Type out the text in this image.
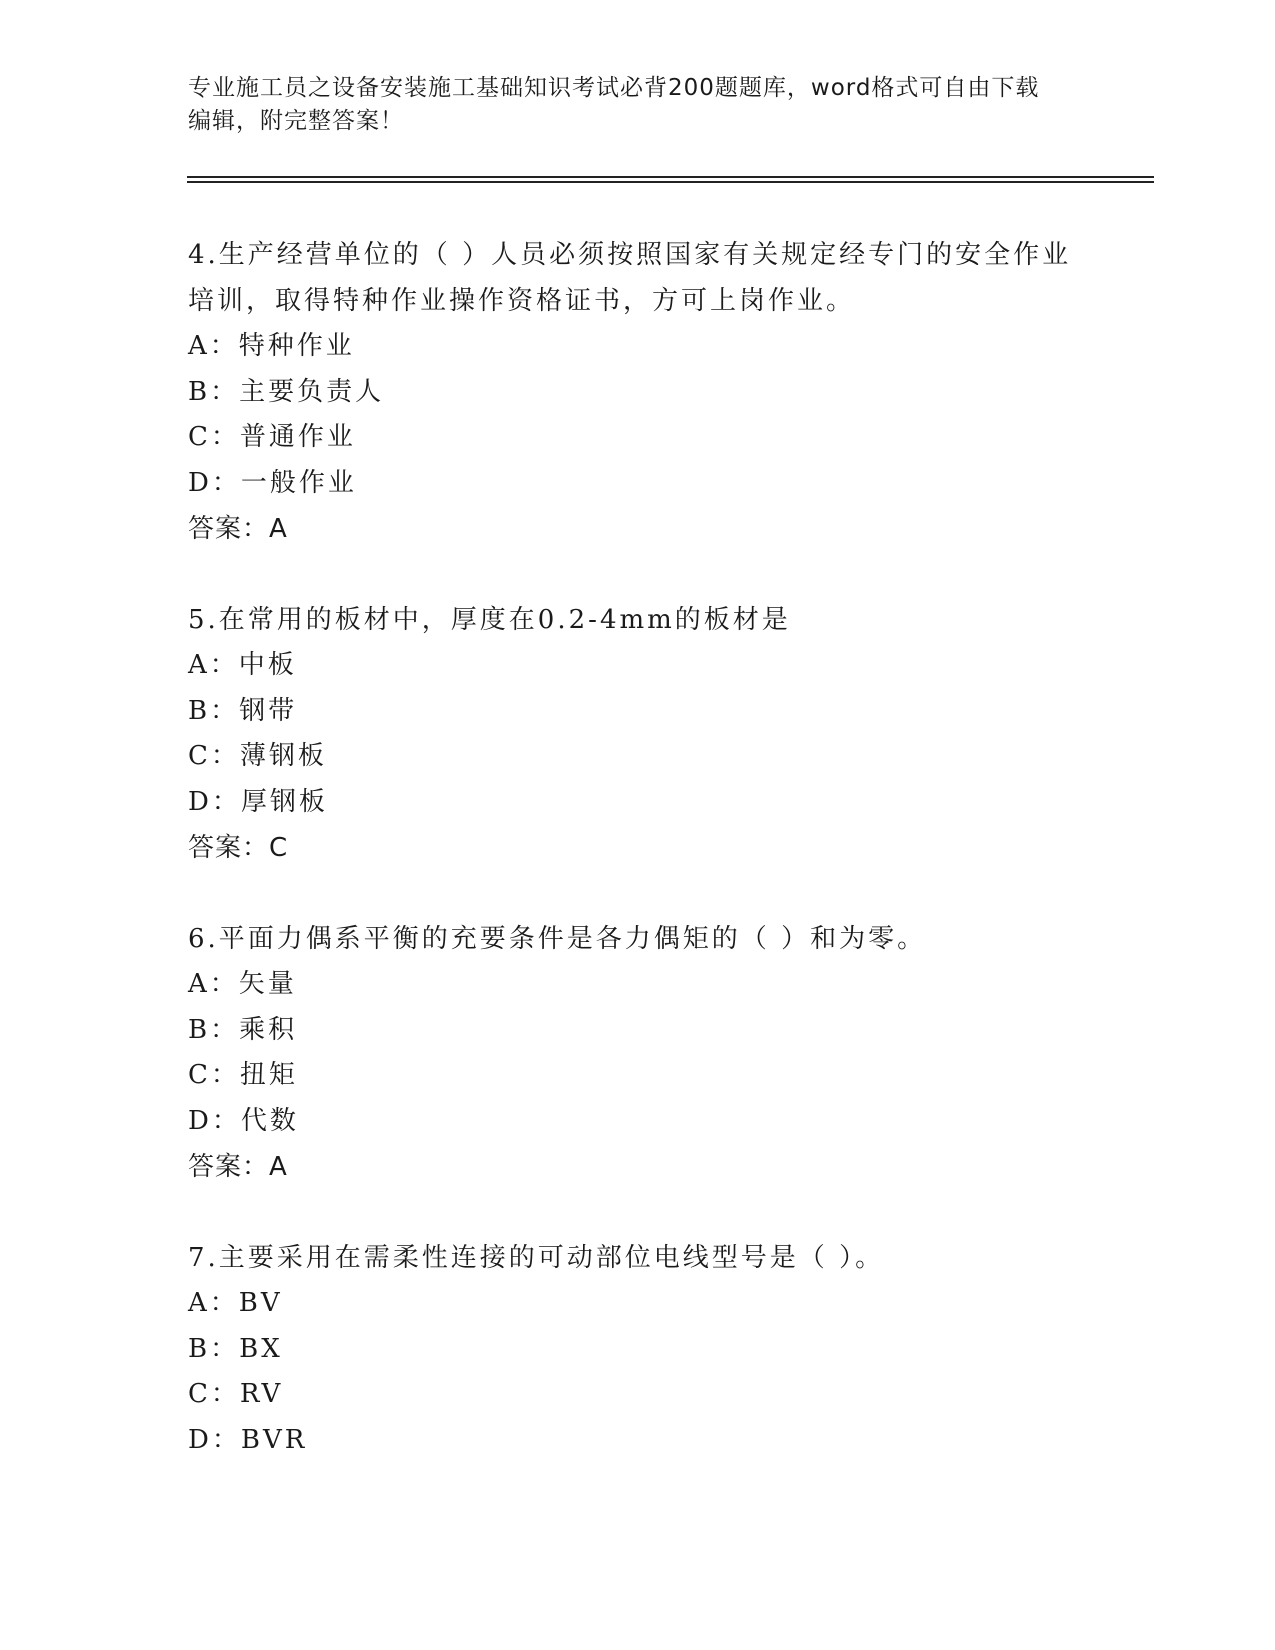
专业施工员之设备安装施工基础知识考试必背200题题库，word格式可自由下载
编辑，附完整答案！
4.生产经营单位的（ ）人员必须按照国家有关规定经专门的安全作业
培训，取得特种作业操作资格证书，方可上岗作业。
A：特种作业
B：主要负责人
C：普通作业
D：一般作业
答案：A
5.在常用的板材中，厚度在0.2-4mm的板材是
A：中板
B：钢带
C：薄钢板
D：厚钢板
答案：C
6.平面力偶系平衡的充要条件是各力偶矩的（ ）和为零。
A：矢量
B：乘积
C：扭矩
D：代数
答案：A
7.主要采用在需柔性连接的可动部位电线型号是（ ）。
A：BV
B：BX
C：RV
D：BVR
